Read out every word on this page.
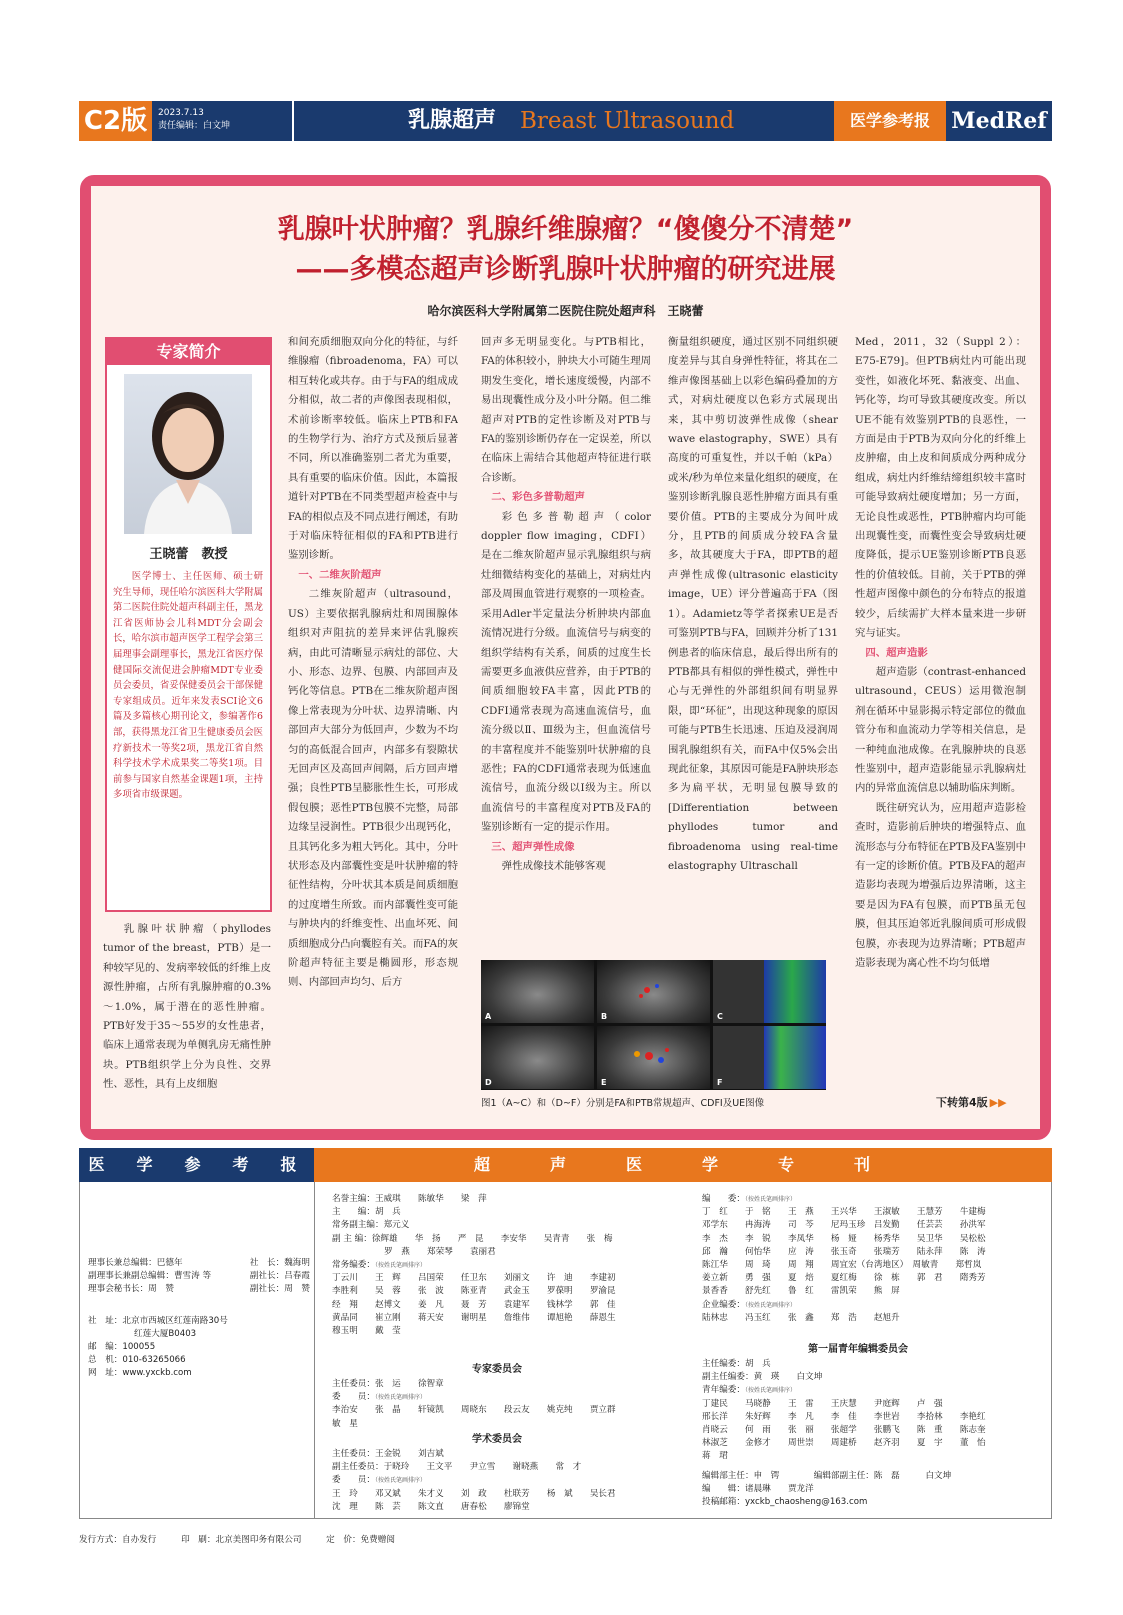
C2版	2023.7.13
责任编辑：白文坤	乳腺超声 Breast Ultrasound	医学参考报 MedRef
乳腺叶状肿瘤？乳腺纤维腺瘤？“傻傻分不清楚”
——多模态超声诊断乳腺叶状肿瘤的研究进展
哈尔滨医科大学附属第二医院住院处超声科　王晓蕾
专家简介
王晓蕾　教授
医学博士、主任医师、硕士研究生导师，现任哈尔滨医科大学附属第二医院住院处超声科副主任，黑龙江省医师协会儿科MDT分会副会长，哈尔滨市超声医学工程学会第三届理事会副理事长，黑龙江省医疗保健国际交流促进会肿瘤MDT专业委员会委员，省妥保健委员会干部保健专家组成员。近年来发表SCI论文6篇及多篇核心期刊论文，参编著作6部，获得黑龙江省卫生健康委员会医疗新技术一等奖2项，黑龙江省自然科学技术学术成果奖二等奖1项。目前参与国家自然基金课题1项，主持多项省市级课题。

乳腺叶状肿瘤（phyllodes tumor of the breast，PTB）是一种较罕见的、发病率较低的纤维上皮源性肿瘤，占所有乳腺肿瘤的0.3%～1.0%，属于潜在的恶性肿瘤。PTB好发于35～55岁的女性患者，临床上通常表现为单侧乳房无痛性肿块。PTB组织学上分为良性、交界性、恶性，具有上皮细胞

和间充质细胞双向分化的特征，与纤维腺瘤（fibroadenoma，FA）可以相互转化或共存。由于与FA的组成成分相似，故二者的声像图表现相似，术前诊断率较低。临床上PTB和FA的生物学行为、治疗方式及预后显著不同，所以准确鉴别二者尤为重要，具有重要的临床价值。因此，本篇报道针对PTB在不同类型超声检查中与FA的相似点及不同点进行阐述，有助于对临床特征相似的FA和PTB进行鉴别诊断。

一、二维灰阶超声

二维灰阶超声（ultrasound，US）主要依据乳腺病灶和周围腺体组织对声阻抗的差异来评估乳腺疾病，由此可清晰显示病灶的部位、大小、形态、边界、包膜、内部回声及钙化等信息。PTB在二维灰阶超声图像上常表现为分叶状、边界清晰、内部回声大部分为低回声，少数为不均匀的高低混合回声，内部多有裂隙状无回声区及高回声间隔，后方回声增强；良性PTB呈膨胀性生长，可形成假包膜；恶性PTB包膜不完整，局部边缘呈浸润性。PTB很少出现钙化，且其钙化多为粗大钙化。其中，分叶状形态及内部囊性变是叶状肿瘤的特征性结构，分叶状其本质是间质细胞的过度增生所致。而内部囊性变可能与肿块内的纤维变性、出血坏死、间质细胞成分凸向囊腔有关。而FA的灰阶超声特征主要是椭圆形，形态规则、内部回声均匀、后方

回声多无明显变化。与PTB相比，FA的体积较小，肿块大小可随生理周期发生变化，增长速度缓慢，内部不易出现囊性成分及小叶分隔。但二维超声对PTB的定性诊断及对PTB与FA的鉴别诊断仍存在一定误差，所以在临床上需结合其他超声特征进行联合诊断。

二、彩色多普勒超声

彩色多普勒超声（color doppler flow imaging，CDFI）是在二维灰阶超声显示乳腺组织与病灶细微结构变化的基础上，对病灶内部及周围血管进行观察的一项检查。采用Adler半定量法分析肿块内部血流情况进行分级。血流信号与病变的组织学结构有关系，间质的过度生长需要更多血液供应营养，由于PTB的间质细胞较FA丰富，因此PTB的CDFI通常表现为高速血流信号，血流分级以Ⅱ、Ⅲ级为主，但血流信号的丰富程度并不能鉴别叶状肿瘤的良恶性；FA的CDFI通常表现为低速血流信号，血流分级以Ⅰ级为主。所以血流信号的丰富程度对PTB及FA的鉴别诊断有一定的提示作用。

三、超声弹性成像

弹性成像技术能够客观

衡量组织硬度，通过区别不同组织硬度差异与其自身弹性特征，将其在二维声像图基础上以彩色编码叠加的方式，对病灶硬度以色彩方式展现出来，其中剪切波弹性成像（shear wave elastography，SWE）具有高度的可重复性，并以千帕（kPa）或米/秒为单位来量化组织的硬度，在鉴别诊断乳腺良恶性肿瘤方面具有重要价值。PTB的主要成分为间叶成分，且PTB的间质成分较FA含量多，故其硬度大于FA，即PTB的超声弹性成像(ultrasonic elasticity image，UE）评分普遍高于FA（图1）。Adamietz等学者探索UE是否可鉴别PTB与FA，回顾并分析了131例患者的临床信息，最后得出所有的PTB都具有相似的弹性模式，弹性中心与无弹性的外部组织间有明显界限，即“环征”，出现这种现象的原因可能与PTB生长迅速、压迫及浸润周围乳腺组织有关，而FA中仅5%会出现此征象，其原因可能是FA肿块形态多为扁平状，无明显包膜导致的[Differentiation between phyllodes tumor and fibroadenoma using real-time elastography Ultraschall

Med，2011，32（Suppl 2）：E75-E79]。但PTB病灶内可能出现变性，如液化坏死、黏液变、出血、钙化等，均可导致其硬度改变。所以UE不能有效鉴别PTB的良恶性，一方面是由于PTB为双向分化的纤维上皮肿瘤，由上皮和间质成分两种成分组成，病灶内纤维结缔组织较丰富时可能导致病灶硬度增加；另一方面，无论良性或恶性，PTB肿瘤内均可能出现囊性变，而囊性变会导致病灶硬度降低，提示UE鉴别诊断PTB良恶性的价值较低。目前，关于PTB的弹性超声图像中颜色的分布特点的报道较少，后续需扩大样本量来进一步研究与证实。

四、超声造影

超声造影（contrast-enhanced ultrasound，CEUS）运用微泡制剂在循环中显影揭示特定部位的微血管分布和血流动力学等相关信息，是一种纯血池成像。在乳腺肿块的良恶性鉴别中，超声造影能显示乳腺病灶内的异常血流信息以辅助临床判断。

既往研究认为，应用超声造影检查时，造影前后肿块的增强特点、血流形态与分布特征在PTB及FA鉴别中有一定的诊断价值。PTB及FA的超声造影均表现为增强后边界清晰，这主要是因为FA有包膜，而PTB虽无包膜，但其压迫邻近乳腺间质可形成假包膜，亦表现为边界清晰；PTB超声造影表现为离心性不均匀低增

A	B	C
D	E	F
图1（A~C）和（D~F）分别是FA和PTB常规超声、CDFI及UE图像	下转第4版 ▶▶
医　学　参　考　报	超　声　医　学　专　刊
理事长兼总编辑：巴德年	社　长：魏海明
副理事长兼副总编辑：曹雪涛 等	副社长：吕春霞
理事会秘书长：周　赞	副社长：周　赞
社　址：北京市西城区红莲南路30号
红莲大厦B0403
邮　编：100055
总　机：010-63265066
网　址：www.yxckb.com
名誉主编：王威琪　　陈敏华　　梁　萍
主　　编：胡　兵
常务副主编：郑元义
副 主 编：徐辉雄　　华　扬　　严　昆　　李安华　　吴青青　　张　梅
罗　燕　　郑荣琴　　袁丽君
常务编委：（按姓氏笔画排序）
丁云川　　王　辉　　吕国荣　　任卫东　　刘丽文　　许　迪　　李建初
李胜利　　吴　蓉　　张　波　　陈亚青　　武金玉　　罗葆明　　罗渝昆
经　翔　　赵博文　　姜　凡　　聂　芳　　袁建军　　钱林学　　郭　佳
黄品同　　崔立刚　　蒋天安　　谢明星　　詹维伟　　谭旭艳　　薛恩生
穆玉明　　戴　莹
专家委员会
主任委员：张　运　　徐智章
委　　员：（按姓氏笔画排序）
李治安　　张　晶　　轩镜凯　　周晓东　　段云友　　姚克纯　　贾立群
敏　星
学术委员会
主任委员：王金锐　　刘吉斌
副主任委员：于晓玲　　王文平　　尹立雪　　谢晓燕　　常　才
委　　员：（按姓氏笔画排序）
王　玲　　邓又斌　　朱才义　　刘　政　　杜联芳　　杨　斌　　吴长君
沈　理　　陈　芸　　陈文直　　唐春松　　廖锦堂
编　　委：（按姓氏笔画排序）
丁　红　　于　铭　　王　燕　　王兴华　　王淑敏　　王慧芳　　牛建梅
邓学东　　冉海涛　　司　芩　　尼玛玉珍　吕发勤　　任芸芸　　孙洪军
李　杰　　李　锐　　李凤华　　杨　娅　　杨秀华　　吴卫华　　吴松松
邱　瀚　　何怡华　　应　涛　　张玉奇　　张瑞芳　　陆永萍　　陈　涛
陈江华　　周　琦　　周　翔　　周宜宏（台湾地区）　周敏青　　郑哲岚
姜立新　　勇　强　　夏　焙　　夏红梅　　徐　栋　　郭　君　　隋秀芳
景香香　　舒先红　　鲁　红　　雷凯荣　　熊　屏
企业编委：（按姓氏笔画排序）
陆林忠　　冯玉红　　张　鑫　　郑　浩　　赵旭升
第一届青年编辑委员会
主任编委：胡　兵
副主任编委：黄　瑛　　白文坤
青年编委：（按姓氏笔画排序）
丁建民　　马晓静　　王　雷　　王庆慧　　尹庭辉　　卢　强
邢长洋　　朱好辉　　李　凡　　李　佳　　李世岩　　李拾林　　李艳红
肖晓云　　何　雨　　张　丽　　张超学　　张鹏飞　　陈　重　　陈志奎
林淑芝　　金修才　　周世崇　　周建桥　　赵齐羽　　夏　宇　　董　怡
蒋　珺
编辑部主任：申　锷　　　　编辑部副主任：陈　磊　　　白文坤
编　　辑：诸晨琳　　贾龙洋
投稿邮箱：yxckb_chaosheng@163.com
发行方式：自办发行	印　刷：北京美图印务有限公司	定　价：免费赠阅
